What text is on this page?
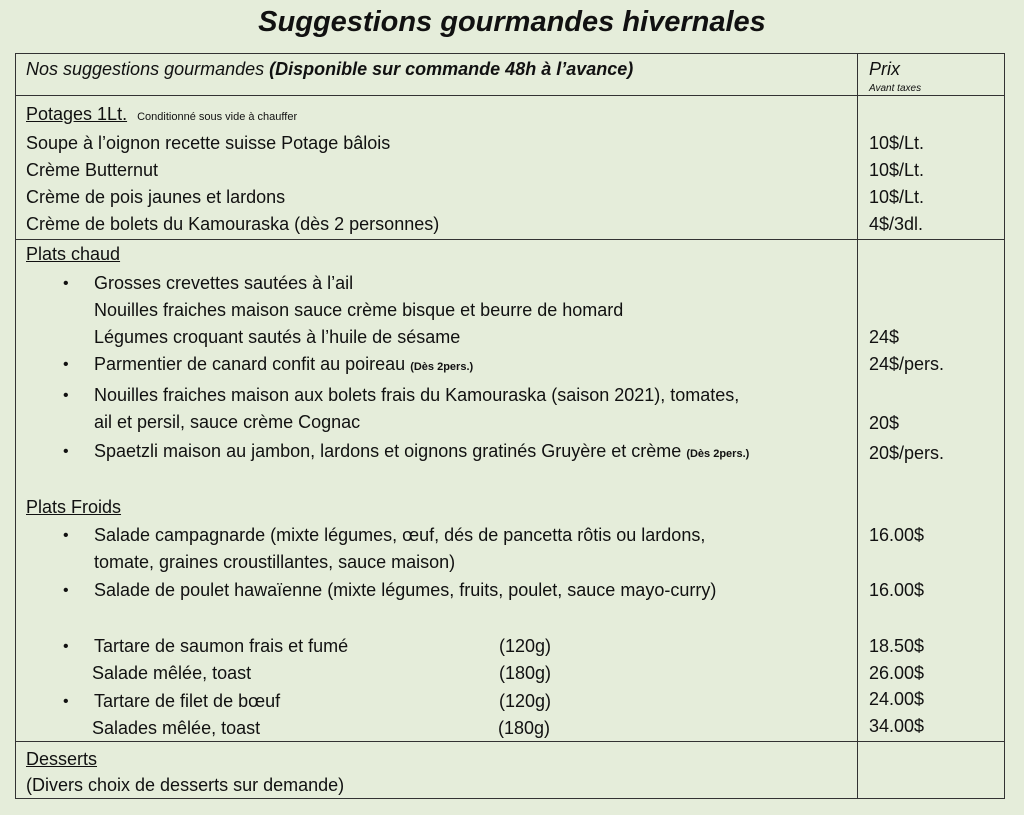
Suggestions gourmandes hivernales
Nos suggestions gourmandes (Disponible sur commande 48h à l’avance)	Prix
Avant taxes
Potages 1Lt. Conditionné sous vide à chauffer
Soupe à l’oignon recette suisse Potage bâlois	10$/Lt.
Crème Butternut	10$/Lt.
Crème de pois jaunes et lardons	10$/Lt.
Crème de bolets du Kamouraska (dès 2 personnes)	4$/3dl.
Plats chaud
• Grosses crevettes sautées à l’ail
Nouilles fraiches maison sauce crème bisque et beurre de homard
Légumes croquant sautés à l’huile de sésame	24$
• Parmentier de canard confit au poireau (Dès 2pers.)	24$/pers.
• Nouilles fraiches maison aux bolets frais du Kamouraska (saison 2021), tomates,
ail et persil, sauce crème Cognac	20$
• Spaetzli maison au jambon, lardons et oignons gratinés Gruyère et crème (Dès 2pers.)	20$/pers.
Plats Froids
• Salade campagnarde (mixte légumes, œuf, dés de pancetta rôtis ou lardons,
tomate, graines croustillantes, sauce maison)
16.00$
• Salade de poulet hawaïenne (mixte légumes, fruits, poulet, sauce mayo-curry)	16.00$
• Tartare de saumon frais et fumé	(120g)	18.50$
Salade mêlée, toast	(180g)	26.00$
• Tartare de filet de bœuf	(120g)	24.00$
Salades mêlée, toast	(180g)	34.00$
Desserts
(Divers choix de desserts sur demande)
